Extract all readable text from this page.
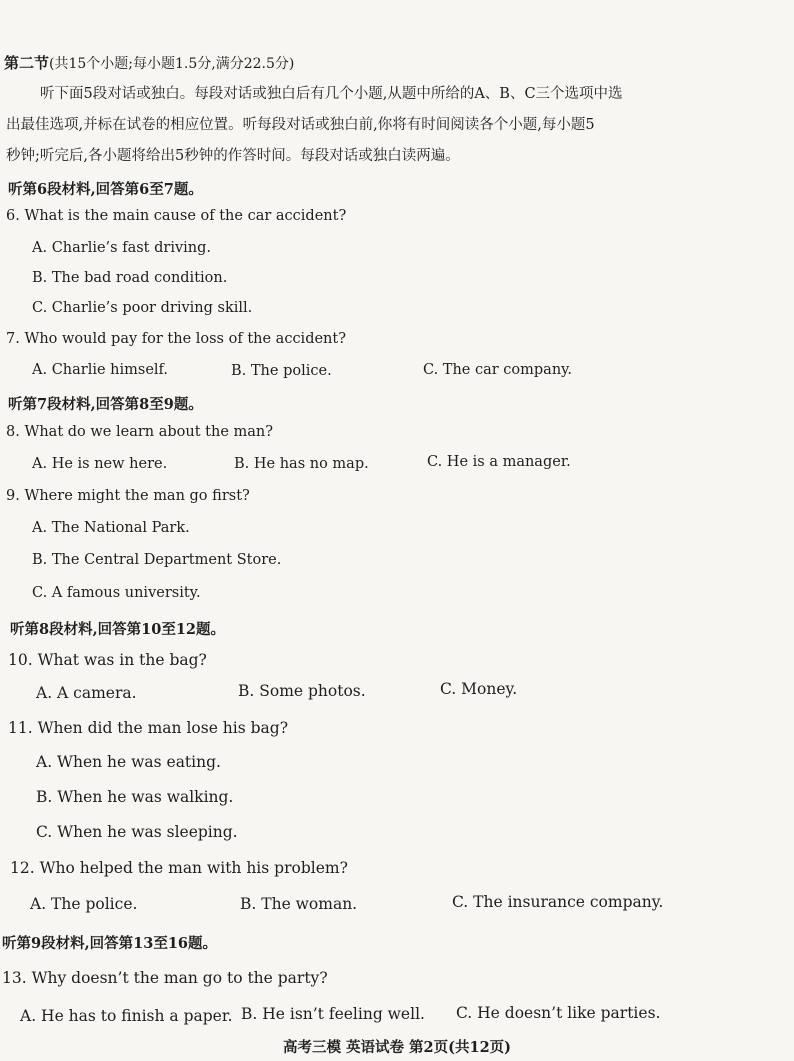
第二节(共15个小题;每小题1.5分,满分22.5分)
听下面5段对话或独白。每段对话或独白后有几个小题,从题中所给的A、B、C三个选项中选
出最佳选项,并标在试卷的相应位置。听每段对话或独白前,你将有时间阅读各个小题,每小题5
秒钟;听完后,各小题将给出5秒钟的作答时间。每段对话或独白读两遍。
听第6段材料,回答第6至7题。
6. What is the main cause of the car accident?
A. Charlie’s fast driving.
B. The bad road condition.
C. Charlie’s poor driving skill.
7. Who would pay for the loss of the accident?
A. Charlie himself.	B. The police.	C. The car company.
听第7段材料,回答第8至9题。
8. What do we learn about the man?
A. He is new here.	B. He has no map.	C. He is a manager.
9. Where might the man go first?
A. The National Park.
B. The Central Department Store.
C. A famous university.
听第8段材料,回答第10至12题。
10. What was in the bag?
A. A camera.	B. Some photos.	C. Money.
11. When did the man lose his bag?
A. When he was eating.
B. When he was walking.
C. When he was sleeping.
12. Who helped the man with his problem?
A. The police.	B. The woman.	C. The insurance company.
听第9段材料,回答第13至16题。
13. Why doesn’t the man go to the party?
A. He has to finish a paper. B. He isn’t feeling well. C. He doesn’t like parties.
高考三模 英语试卷 第2页(共12页)
